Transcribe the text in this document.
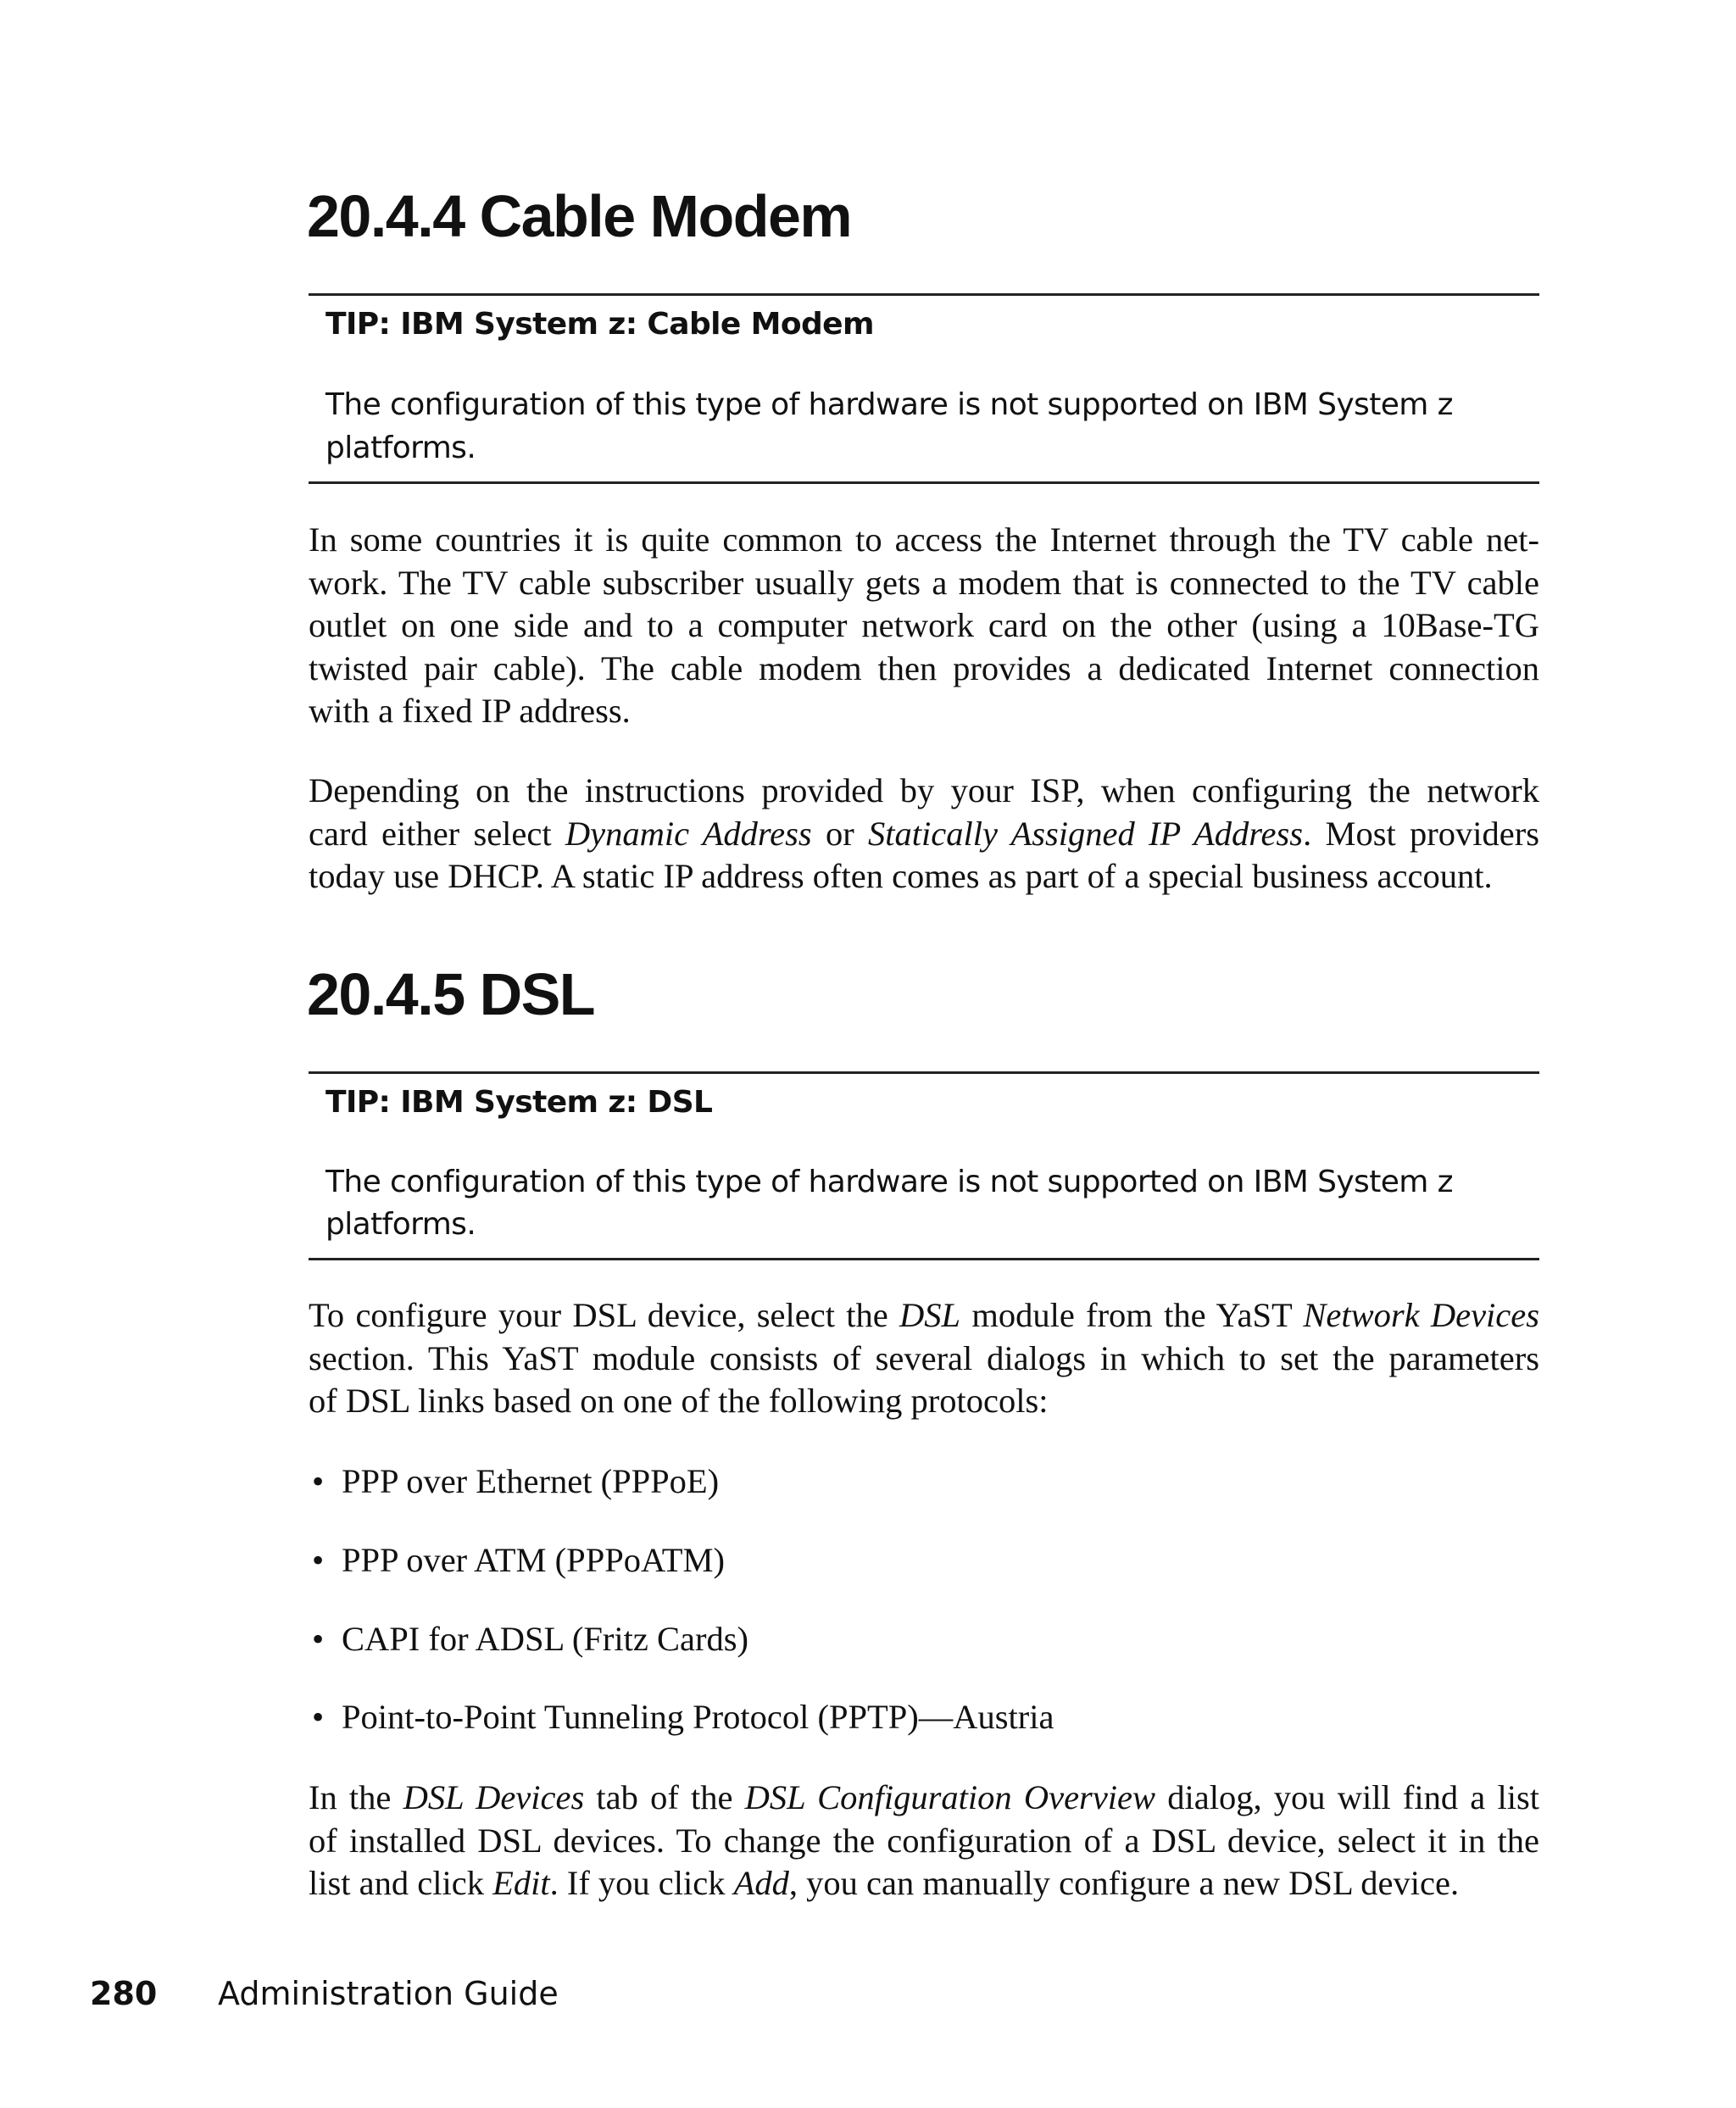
20.4.4 Cable Modem
TIP: IBM System z: Cable Modem
The configuration of this type of hardware is not supported on IBM System z
platforms.
In some countries it is quite common to access the Internet through the TV cable net-
work. The TV cable subscriber usually gets a modem that is connected to the TV cable
outlet on one side and to a computer network card on the other (using a 10Base-TG
twisted pair cable). The cable modem then provides a dedicated Internet connection
with a fixed IP address.
Depending on the instructions provided by your ISP, when configuring the network
card either select Dynamic Address or Statically Assigned IP Address. Most providers
today use DHCP. A static IP address often comes as part of a special business account.
20.4.5 DSL
TIP: IBM System z: DSL
The configuration of this type of hardware is not supported on IBM System z
platforms.
To configure your DSL device, select the DSL module from the YaST Network Devices
section. This YaST module consists of several dialogs in which to set the parameters
of DSL links based on one of the following protocols:
• PPP over Ethernet (PPPoE)
• PPP over ATM (PPPoATM)
• CAPI for ADSL (Fritz Cards)
• Point-to-Point Tunneling Protocol (PPTP)—Austria
In the DSL Devices tab of the DSL Configuration Overview dialog, you will find a list
of installed DSL devices. To change the configuration of a DSL device, select it in the
list and click Edit. If you click Add, you can manually configure a new DSL device.
280 Administration Guide
